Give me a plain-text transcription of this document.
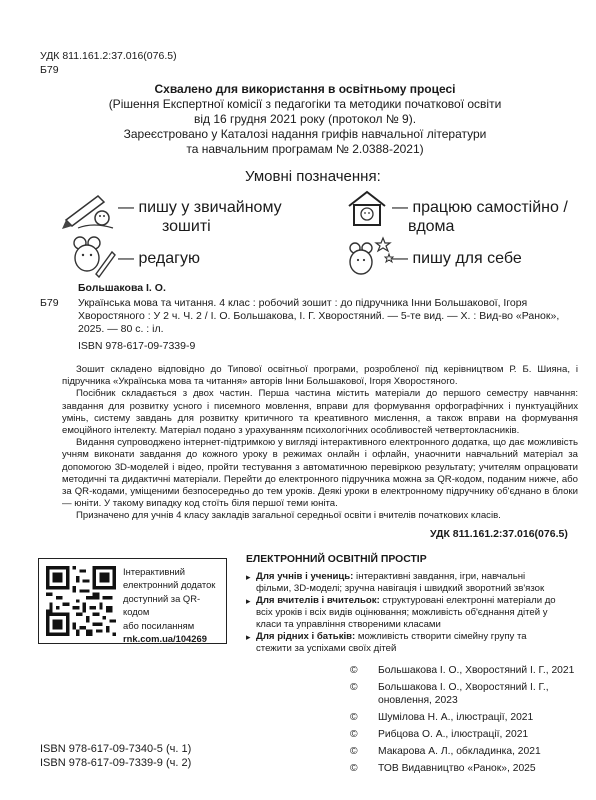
УДК 811.161.2:37.016(076.5)
Б79
Схвалено для використання в освітньому процесі
(Рішення Експертної комісії з педагогіки та методики початкової освіти
від 16 грудня 2021 року (протокол № 9).
Зареєстровано у Каталозі надання грифів навчальної літератури
та навчальним програмам № 2.0388-2021)
Умовні позначення:
— пишу у звичайному
зошиті
— працюю самостійно /
вдома
— редагую	— пишу для себе
Большакова І. О.
Б79 Українська мова та читання. 4 клас : робочий зошит : до підручника Інни Большакової, Ігоря
Хворостяного : У 2 ч. Ч. 2 / І. О. Большакова, І. Г. Хворостяний. — 5-те вид. — Х. : Вид-во «Ранок»,
2025. — 80 с. : іл.
ISBN 978-617-09-7339-9
Зошит складено відповідно до Типової освітньої програми, розробленої під керівництвом Р. Б. Шияна, і підручника «Українська мова та читання» авторів Інни Большакової, Ігоря Хворостяного.
Посібник складається з двох частин. Перша частина містить матеріали до першого семестру навчання: завдання для розвитку усного і писемного мовлення, вправи для формування орфографічних і пунктуаційних умінь, систему завдань для розвитку критичного та креативного мислення, а також вправи на формування емоційного інтелекту. Матеріал подано з урахуванням психологічних особливостей четвертокласників.
Видання супроводжено інтернет-підтримкою у вигляді інтерактивного електронного додатка, що дає можливість учням виконати завдання до кожного уроку в режимах онлайн і офлайн, унаочнити навчальний матеріал за допомогою 3D-моделей і відео, пройти тестування з автоматичною перевіркою результату; учителям опрацювати методичні та дидактичні матеріали. Перейти до електронного підручника можна за QR-кодом, поданим нижче, або за QR-кодами, уміщеними безпосередньо до тем уроків. Деякі уроки в електронному підручнику об'єднано в блоки — юніти. У такому випадку код стоїть біля першої теми юніта.
Призначено для учнів 4 класу закладів загальної середньої освіти і вчителів початкових класів.
УДК 811.161.2:37.016(076.5)
Інтерактивний
електронний додаток
доступний за QR-кодом
або посиланням
rnk.com.ua/104269
ЕЛЕКТРОННИЙ ОСВІТНІЙ ПРОСТІР
▸ Для учнів і учениць: інтерактивні завдання, ігри, навчальні фільми, 3D-моделі; зручна навігація і швидкий зворотний зв'язок
▸ Для вчителів і вчительок: структуровані електронні матеріали до всіх уроків і всіх видів оцінювання; можливість об'єднання дітей у класи та управління створеними класами
▸ Для рідних і батьків: можливість створити сімейну групу та стежити за успіхами своїх дітей
ISBN 978-617-09-7340-5 (ч. 1)
ISBN 978-617-09-7339-9 (ч. 2)
©	Большакова І. О., Хворостяний І. Г., 2021
©	Большакова І. О., Хворостяний І. Г.,
оновлення, 2023
©	Шумілова Н. А., ілюстрації, 2021
©	Рибцова О. А., ілюстрації, 2021
©	Макарова А. Л., обкладинка, 2021
©	ТОВ Видавництво «Ранок», 2025
